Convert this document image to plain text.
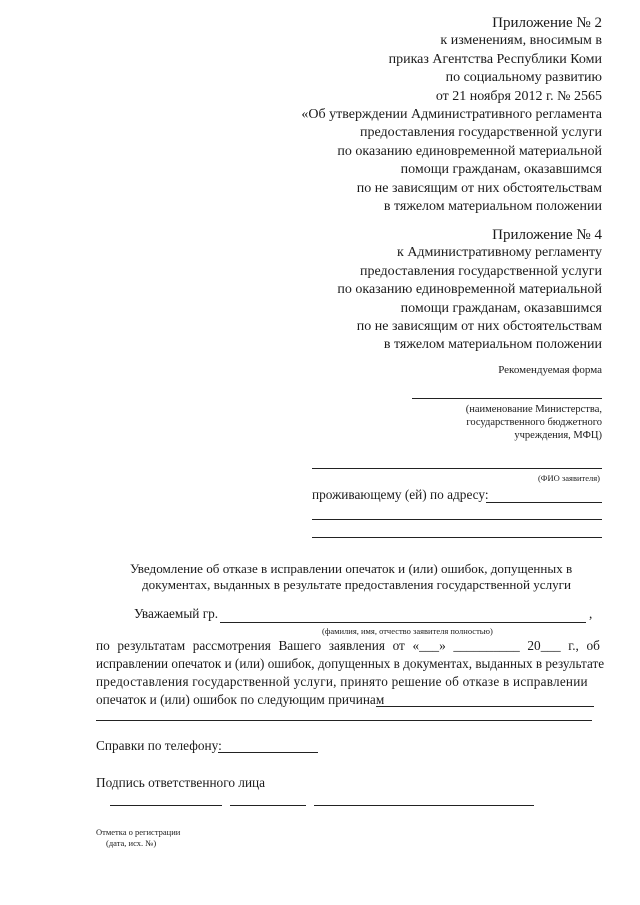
Приложение № 2
к изменениям, вносимым в
приказ Агентства Республики Коми
по социальному развитию
от 21 ноября 2012 г. № 2565
«Об утверждении Административного регламента
предоставления государственной услуги
по оказанию единовременной материальной
помощи гражданам, оказавшимся
по не зависящим от них обстоятельствам
в тяжелом материальном положении
Приложение № 4
к Административному регламенту
предоставления государственной услуги
по оказанию единовременной материальной
помощи гражданам, оказавшимся
по не зависящим от них обстоятельствам
в тяжелом материальном положении
Рекомендуемая форма
(наименование Министерства,
государственного бюджетного
учреждения, МФЦ)
(ФИО заявителя)
проживающему (ей) по адресу:
Уведомление об отказе в исправлении опечаток и (или) ошибок, допущенных в
документах, выданных в результате предоставления государственной услуги
Уважаемый гр.	,
(фамилия, имя, отчество заявителя полностью)
по результатам рассмотрения Вашего заявления от «___» __________ 20___ г., об
исправлении опечаток и (или) ошибок, допущенных в документах, выданных в результате
предоставления государственной услуги, принято решение об отказе в исправлении
опечаток и (или) ошибок по следующим причинам
Справки по телефону:
Подпись ответственного лица
Отметка о регистрации
(дата, исх. №)
